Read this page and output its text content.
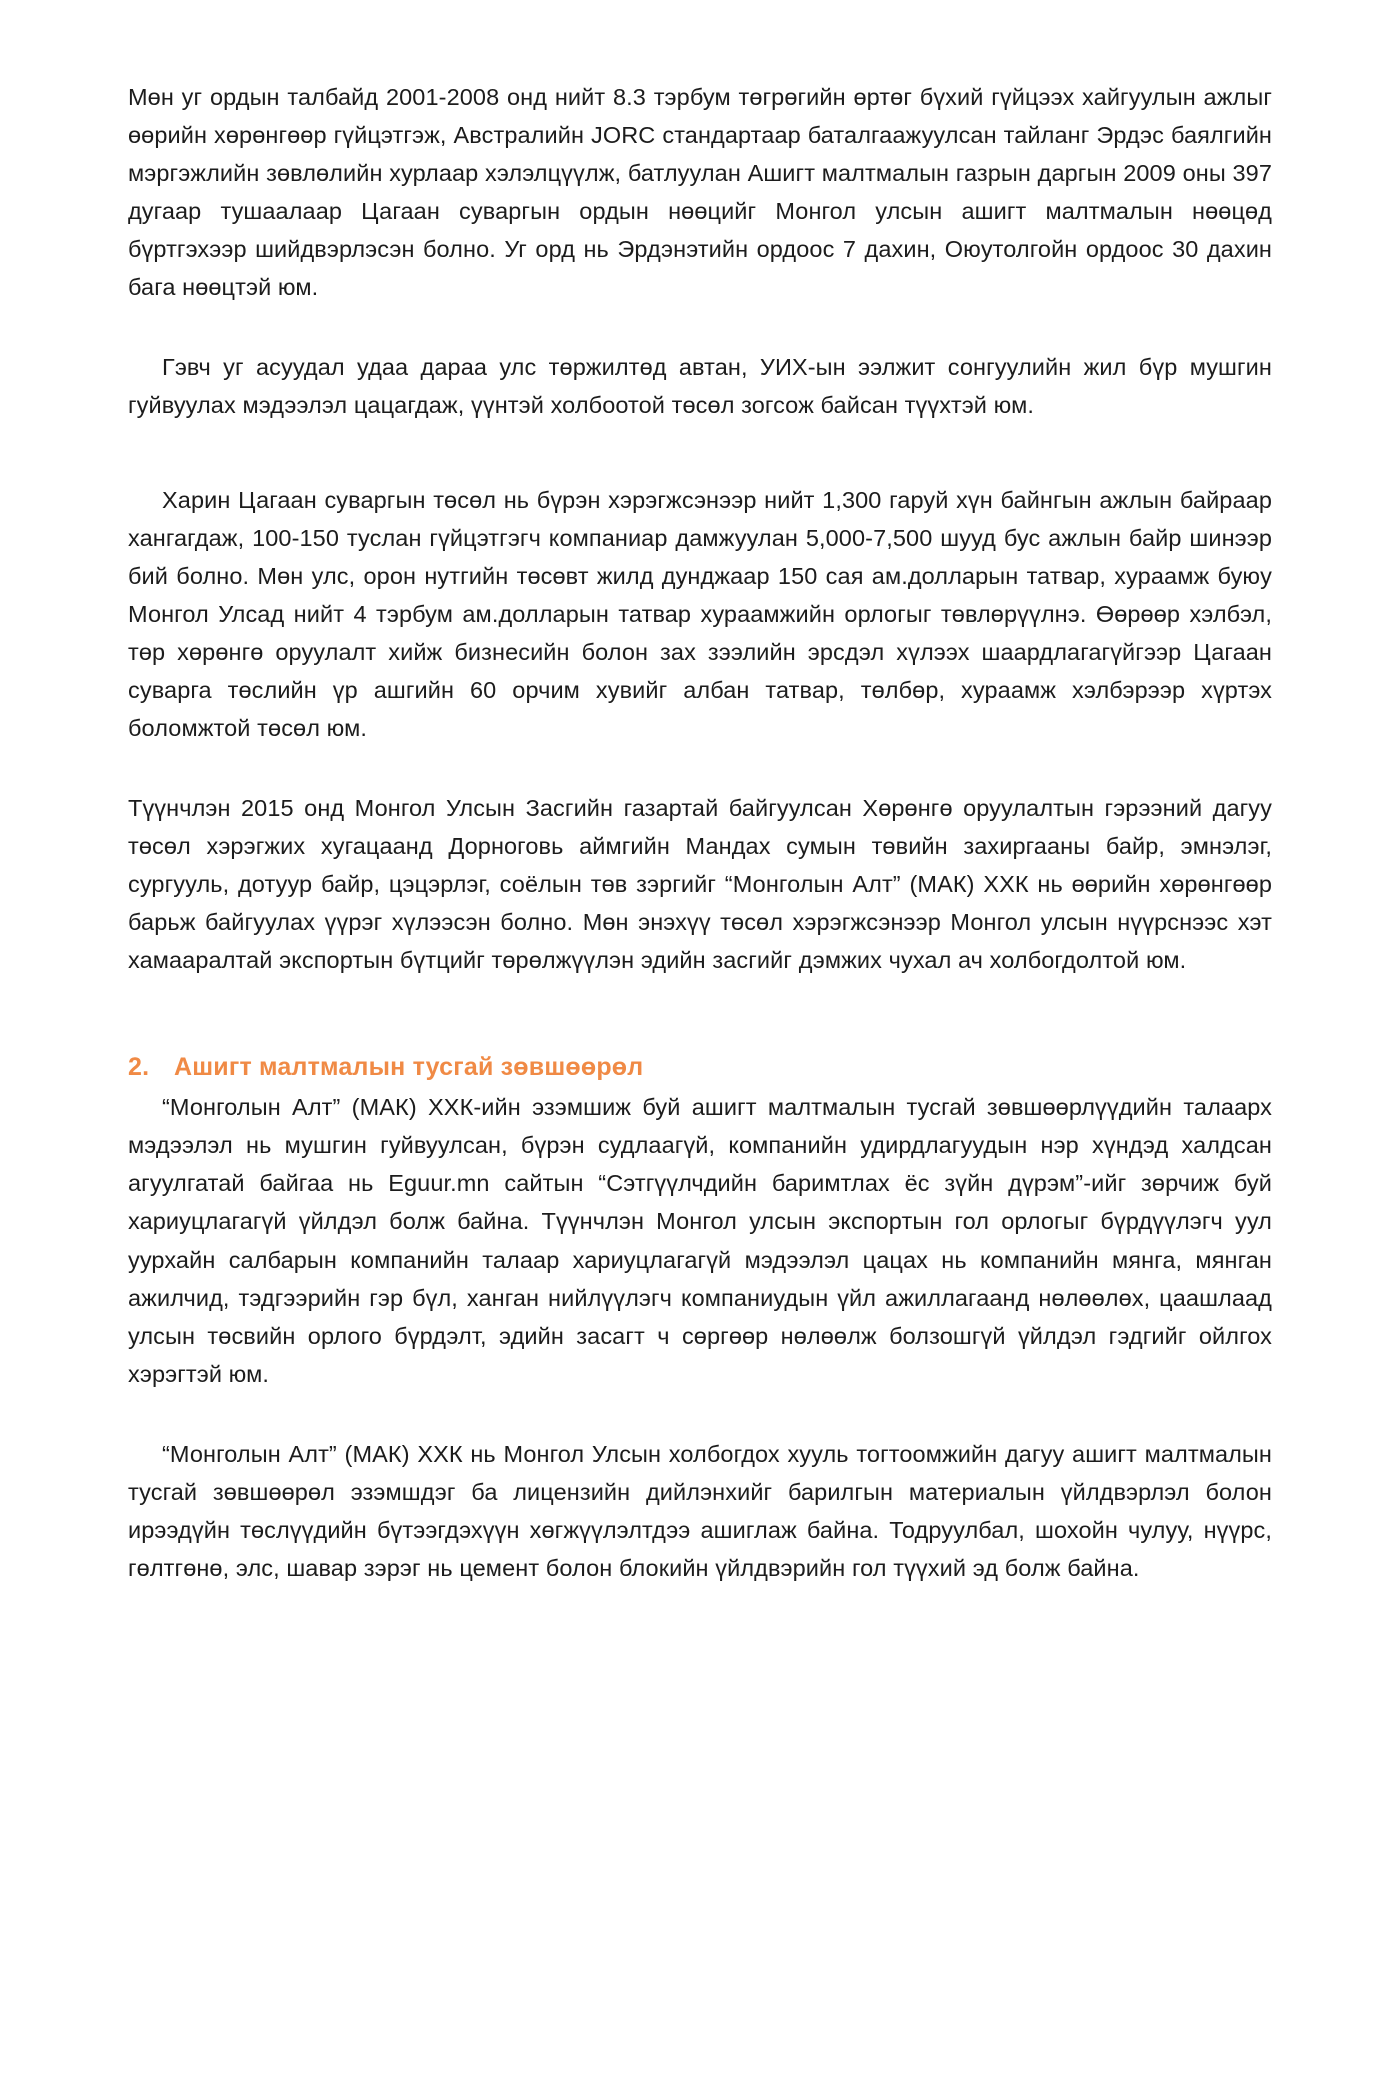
Мөн уг ордын талбайд 2001-2008 онд нийт 8.3 тэрбум төгрөгийн өртөг бүхий гүйцээх хайгуулын ажлыг өөрийн хөрөнгөөр гүйцэтгэж, Австралийн JORC стандартаар баталгаажуулсан тайланг Эрдэс баялгийн мэргэжлийн зөвлөлийн хурлаар хэлэлцүүлж, батлуулан Ашигт малтмалын газрын даргын 2009 оны 397 дугаар тушаалаар Цагаан суваргын ордын нөөцийг Монгол улсын ашигт малтмалын нөөцөд бүртгэхээр шийдвэрлэсэн болно. Уг орд нь Эрдэнэтийн ордоос 7 дахин, Оюутолгойн ордоос 30 дахин бага нөөцтэй юм.

Гэвч уг асуудал удаа дараа улс төржилтөд автан, УИХ-ын ээлжит сонгуулийн жил бүр мушгин гуйвуулах мэдээлэл цацагдаж, үүнтэй холбоотой төсөл зогсож байсан түүхтэй юм.

Харин Цагаан суваргын төсөл нь бүрэн хэрэгжсэнээр нийт 1,300 гаруй хүн байнгын ажлын байраар хангагдаж, 100-150 туслан гүйцэтгэгч компаниар дамжуулан 5,000-7,500 шууд бус ажлын байр шинээр бий болно. Мөн улс, орон нутгийн төсөвт жилд дунджаар 150 сая ам.долларын татвар, хураамж буюу Монгол Улсад нийт 4 тэрбум ам.долларын татвар хураамжийн орлогыг төвлөрүүлнэ. Өөрөөр хэлбэл, төр хөрөнгө оруулалт хийж бизнесийн болон зах зээлийн эрсдэл хүлээх шаардлагагүйгээр Цагаан суварга төслийн үр ашгийн 60 орчим хувийг албан татвар, төлбөр, хураамж хэлбэрээр хүртэх боломжтой төсөл юм.

Түүнчлэн 2015 онд Монгол Улсын Засгийн газартай байгуулсан Хөрөнгө оруулалтын гэрээний дагуу төсөл хэрэгжих хугацаанд Дорноговь аймгийн Мандах сумын төвийн захиргааны байр, эмнэлэг, сургууль, дотуур байр, цэцэрлэг, соёлын төв зэргийг “Монголын Алт” (МАК) ХХК нь өөрийн хөрөнгөөр барьж байгуулах үүрэг хүлээсэн болно. Мөн энэхүү төсөл хэрэгжсэнээр Монгол улсын нүүрснээс хэт хамааралтай экспортын бүтцийг төрөлжүүлэн эдийн засгийг дэмжих чухал ач холбогдолтой юм.

2. Ашигт малтмалын тусгай зөвшөөрөл

“Монголын Алт” (МАК) ХХК-ийн эзэмшиж буй ашигт малтмалын тусгай зөвшөөрлүүдийн талаарх мэдээлэл нь мушгин гуйвуулсан, бүрэн судлаагүй, компанийн удирдлагуудын нэр хүндэд халдсан агуулгатай байгаа нь Eguur.mn сайтын “Сэтгүүлчдийн баримтлах ёс зүйн дүрэм”-ийг зөрчиж буй хариуцлагагүй үйлдэл болж байна. Түүнчлэн Монгол улсын экспортын гол орлогыг бүрдүүлэгч уул уурхайн салбарын компанийн талаар хариуцлагагүй мэдээлэл цацах нь компанийн мянга, мянган ажилчид, тэдгээрийн гэр бүл, ханган нийлүүлэгч компаниудын үйл ажиллагаанд нөлөөлөх, цаашлаад улсын төсвийн орлого бүрдэлт, эдийн засагт ч сөргөөр нөлөөлж болзошгүй үйлдэл гэдгийг ойлгох хэрэгтэй юм.

“Монголын Алт” (МАК) ХХК нь Монгол Улсын холбогдох хууль тогтоомжийн дагуу ашигт малтмалын тусгай зөвшөөрөл эзэмшдэг ба лицензийн дийлэнхийг барилгын материалын үйлдвэрлэл болон ирээдүйн төслүүдийн бүтээгдэхүүн хөгжүүлэлтдээ ашиглаж байна. Тодруулбал, шохойн чулуу, нүүрс, гөлтгөнө, элс, шавар зэрэг нь цемент болон блокийн үйлдвэрийн гол түүхий эд болж байна.
